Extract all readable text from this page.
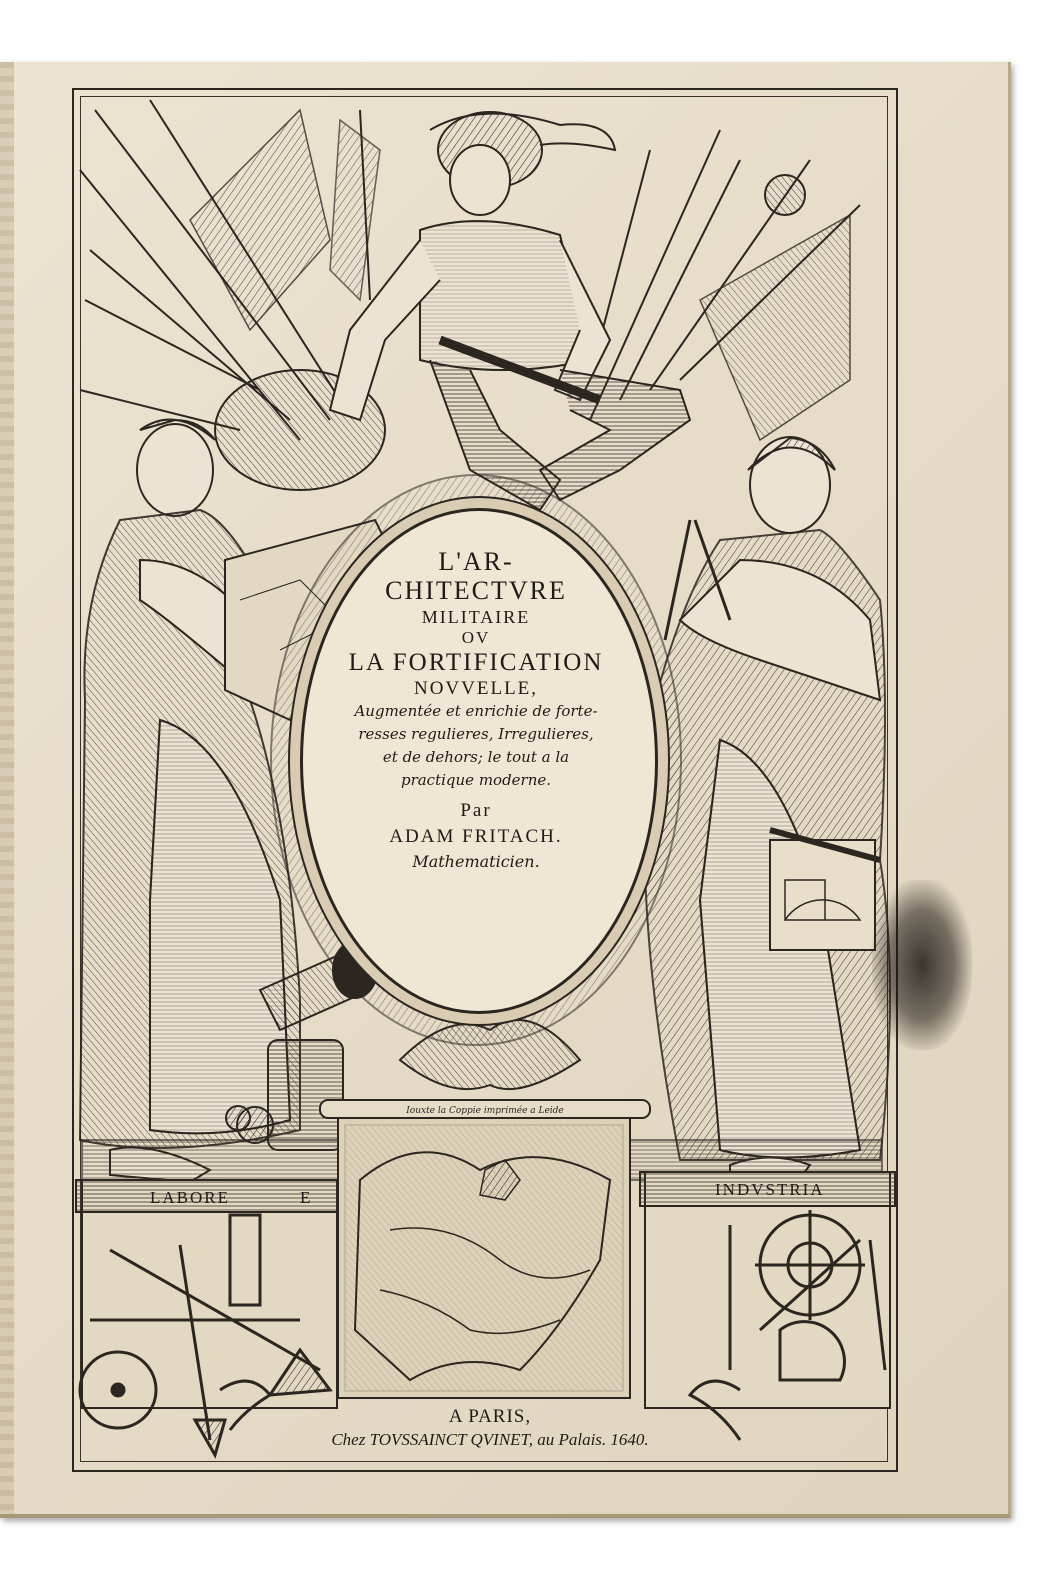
L'AR-
CHITECTVRE
MILITAIRE
OV
LA FORTIFICATION
NOVVELLE,
Augmentée et enrichie de forte-
resses regulieres, Irregulieres,
et de dehors; le tout a la
practique moderne.
Par
ADAM FRITACH.
Mathematicien.
LABORE	E	INDVSTRIA
Iouxte la Coppie imprimée a Leide
A PARIS,
Chez TOVSSAINCT QVINET, au Palais. 1640.
